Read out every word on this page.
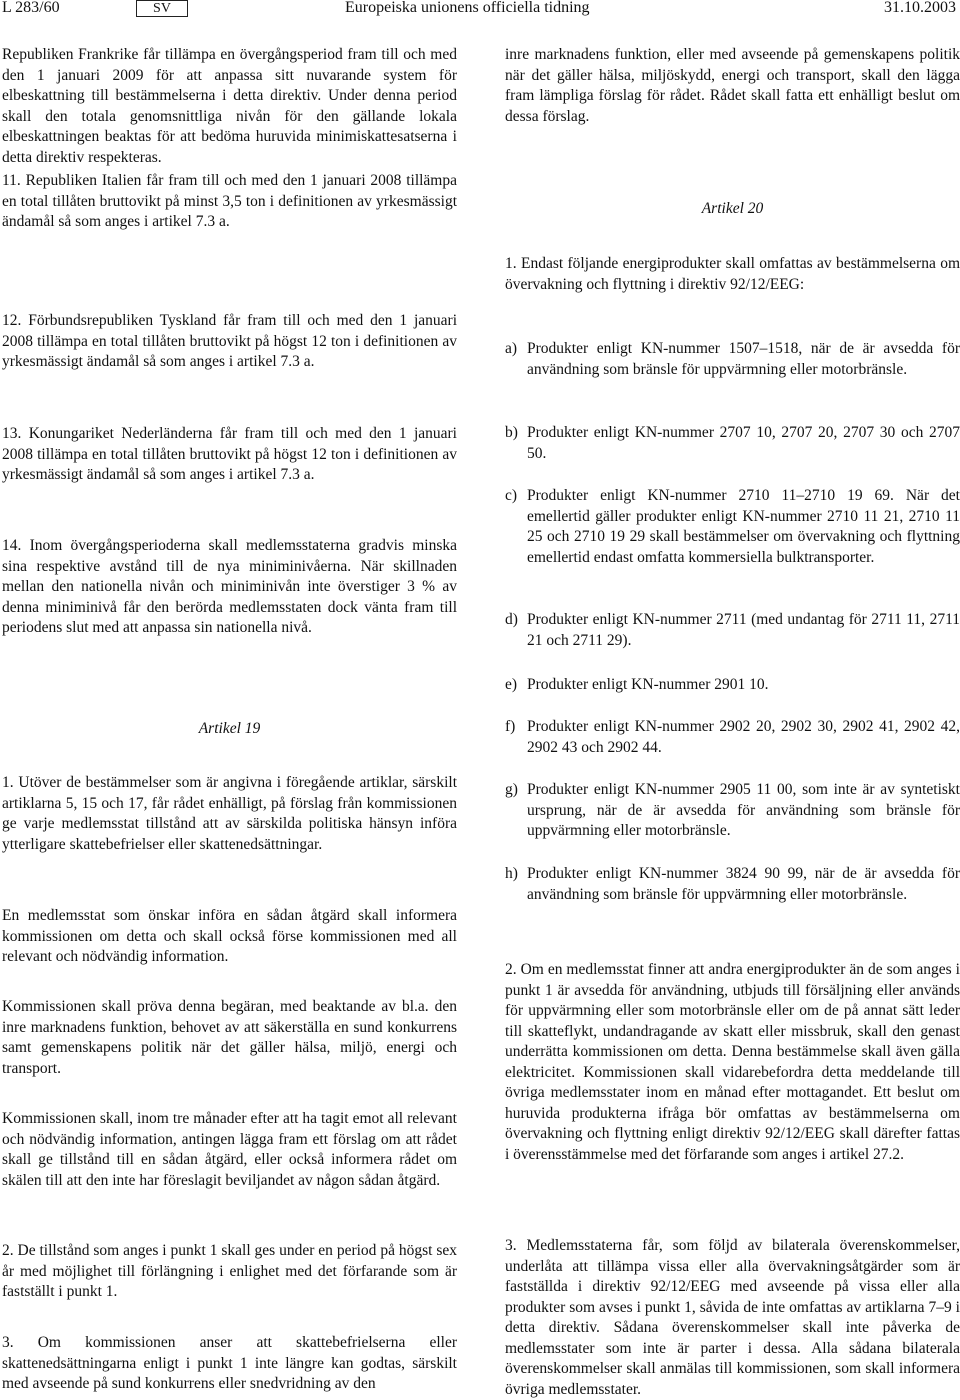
L 283/60	SV	Europeiska unionens officiella tidning	31.10.2003

Republiken Frankrike får tillämpa en övergångsperiod fram till och med den 1 januari 2009 för att anpassa sitt nuvarande system för elbeskattning till bestämmelserna i detta direktiv. Under denna period skall den totala genomsnittliga nivån för den gällande lokala elbeskattningen beaktas för att bedöma huruvida minimiskattesatserna i detta direktiv respekteras.

11. Republiken Italien får fram till och med den 1 januari 2008 tillämpa en total tillåten bruttovikt på minst 3,5 ton i definitionen av yrkesmässigt ändamål så som anges i artikel 7.3 a.

12. Förbundsrepubliken Tyskland får fram till och med den 1 januari 2008 tillämpa en total tillåten bruttovikt på högst 12 ton i definitionen av yrkesmässigt ändamål så som anges i artikel 7.3 a.

13. Konungariket Nederländerna får fram till och med den 1 januari 2008 tillämpa en total tillåten bruttovikt på högst 12 ton i definitionen av yrkesmässigt ändamål så som anges i artikel 7.3 a.

14. Inom övergångsperioderna skall medlemsstaterna gradvis minska sina respektive avstånd till de nya miniminivåerna. När skillnaden mellan den nationella nivån och miniminivån inte överstiger 3 % av denna miniminivå får den berörda medlemsstaten dock vänta fram till periodens slut med att anpassa sin nationella nivå.

Artikel 19

1. Utöver de bestämmelser som är angivna i föregående artiklar, särskilt artiklarna 5, 15 och 17, får rådet enhälligt, på förslag från kommissionen ge varje medlemsstat tillstånd att av särskilda politiska hänsyn införa ytterligare skattebefrielser eller skattenedsättningar.

En medlemsstat som önskar införa en sådan åtgärd skall informera kommissionen om detta och skall också förse kommissionen med all relevant och nödvändig information.

Kommissionen skall pröva denna begäran, med beaktande av bl.a. den inre marknadens funktion, behovet av att säkerställa en sund konkurrens samt gemenskapens politik när det gäller hälsa, miljö, energi och transport.

Kommissionen skall, inom tre månader efter att ha tagit emot all relevant och nödvändig information, antingen lägga fram ett förslag om att rådet skall ge tillstånd till en sådan åtgärd, eller också informera rådet om skälen till att den inte har föreslagit beviljandet av någon sådan åtgärd.

2. De tillstånd som anges i punkt 1 skall ges under en period på högst sex år med möjlighet till förlängning i enlighet med det förfarande som är fastställt i punkt 1.

3. Om kommissionen anser att skattebefrielserna eller skattenedsättningarna enligt i punkt 1 inte längre kan godtas, särskilt med avseende på sund konkurrens eller snedvridning av den

inre marknadens funktion, eller med avseende på gemenskapens politik när det gäller hälsa, miljöskydd, energi och transport, skall den lägga fram lämpliga förslag för rådet. Rådet skall fatta ett enhälligt beslut om dessa förslag.

Artikel 20

1. Endast följande energiprodukter skall omfattas av bestämmelserna om övervakning och flyttning i direktiv 92/12/EEG:

a) Produkter enligt KN-nummer 1507–1518, när de är avsedda för användning som bränsle för uppvärmning eller motorbränsle.

b) Produkter enligt KN-nummer 2707 10, 2707 20, 2707 30 och 2707 50.

c) Produkter enligt KN-nummer 2710 11–2710 19 69. När det emellertid gäller produkter enligt KN-nummer 2710 11 21, 2710 11 25 och 2710 19 29 skall bestämmelser om övervakning och flyttning emellertid endast omfatta kommersiella bulktransporter.

d) Produkter enligt KN-nummer 2711 (med undantag för 2711 11, 2711 21 och 2711 29).

e) Produkter enligt KN-nummer 2901 10.

f) Produkter enligt KN-nummer 2902 20, 2902 30, 2902 41, 2902 42, 2902 43 och 2902 44.

g) Produkter enligt KN-nummer 2905 11 00, som inte är av syntetiskt ursprung, när de är avsedda för användning som bränsle för uppvärmning eller motorbränsle.

h) Produkter enligt KN-nummer 3824 90 99, när de är avsedda för användning som bränsle för uppvärmning eller motorbränsle.

2. Om en medlemsstat finner att andra energiprodukter än de som anges i punkt 1 är avsedda för användning, utbjuds till försäljning eller används för uppvärmning eller som motorbränsle eller om de på annat sätt leder till skatteflykt, undandragande av skatt eller missbruk, skall den genast underrätta kommissionen om detta. Denna bestämmelse skall även gälla elektricitet. Kommissionen skall vidarebefordra detta meddelande till övriga medlemsstater inom en månad efter mottagandet. Ett beslut om huruvida produkterna ifråga bör omfattas av bestämmelserna om övervakning och flyttning enligt direktiv 92/12/EEG skall därefter fattas i överensstämmelse med det förfarande som anges i artikel 27.2.

3. Medlemsstaterna får, som följd av bilaterala överenskommelser, underlåta att tillämpa vissa eller alla övervakningsåtgärder som är fastställda i direktiv 92/12/EEG med avseende på vissa eller alla produkter som avses i punkt 1, såvida de inte omfattas av artiklarna 7–9 i detta direktiv. Sådana överenskommelser skall inte påverka de medlemsstater som inte är parter i dessa. Alla sådana bilaterala överenskommelser skall anmälas till kommissionen, som skall informera övriga medlemsstater.
